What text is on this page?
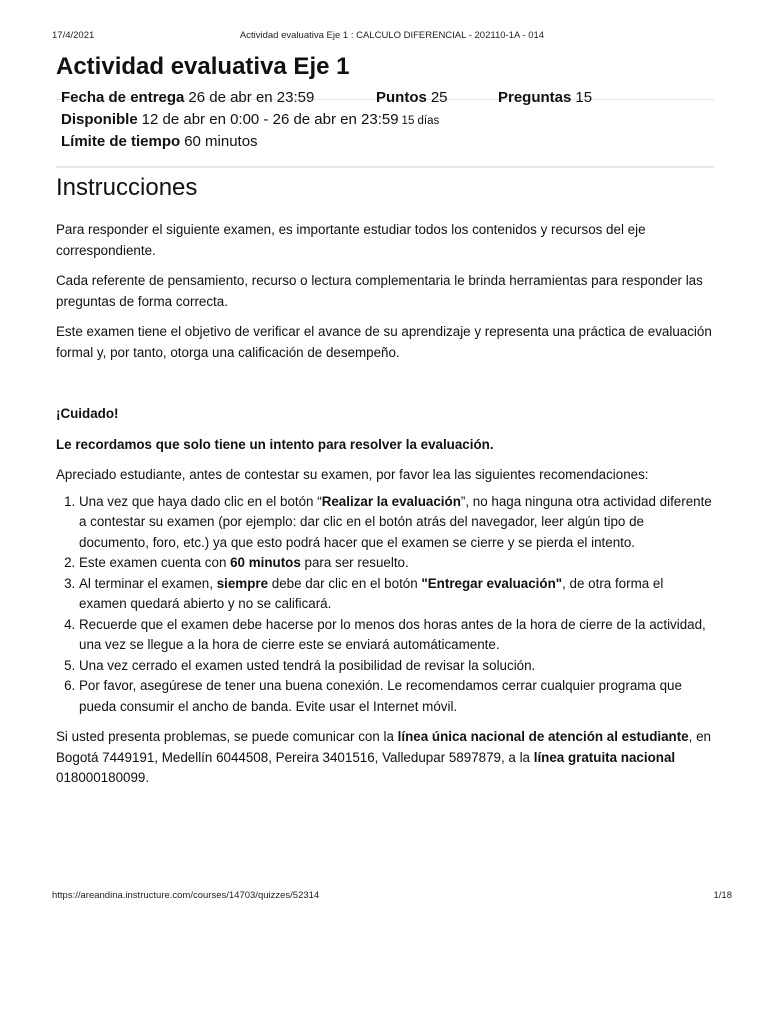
17/4/2021	Actividad evaluativa Eje 1 : CALCULO DIFERENCIAL - 202110-1A - 014
Actividad evaluativa Eje 1
Fecha de entrega 26 de abr en 23:59	Puntos 25	Preguntas 15
Disponible 12 de abr en 0:00 - 26 de abr en 23:59 15 días
Límite de tiempo 60 minutos
Instrucciones

Para responder el siguiente examen, es importante estudiar todos los contenidos y recursos del eje correspondiente.

Cada referente de pensamiento, recurso o lectura complementaria le brinda herramientas para responder las preguntas de forma correcta.

Este examen tiene el objetivo de verificar el avance de su aprendizaje y representa una práctica de evaluación formal y, por tanto, otorga una calificación de desempeño.

¡Cuidado!

Le recordamos que solo tiene un intento para resolver la evaluación.

Apreciado estudiante, antes de contestar su examen, por favor lea las siguientes recomendaciones:

1. Una vez que haya dado clic en el botón “Realizar la evaluación”, no haga ninguna otra actividad diferente a contestar su examen (por ejemplo: dar clic en el botón atrás del navegador, leer algún tipo de documento, foro, etc.) ya que esto podrá hacer que el examen se cierre y se pierda el intento.
2. Este examen cuenta con 60 minutos para ser resuelto.
3. Al terminar el examen, siempre debe dar clic en el botón "Entregar evaluación", de otra forma el examen quedará abierto y no se calificará.
4. Recuerde que el examen debe hacerse por lo menos dos horas antes de la hora de cierre de la actividad, una vez se llegue a la hora de cierre este se enviará automáticamente.
5. Una vez cerrado el examen usted tendrá la posibilidad de revisar la solución.
6. Por favor, asegúrese de tener una buena conexión. Le recomendamos cerrar cualquier programa que pueda consumir el ancho de banda. Evite usar el Internet móvil.

Si usted presenta problemas, se puede comunicar con la línea única nacional de atención al estudiante, en Bogotá 7449191, Medellín 6044508, Pereira 3401516, Valledupar 5897879, a la línea gratuita nacional 018000180099.

https://areandina.instructure.com/courses/14703/quizzes/52314	1/18
